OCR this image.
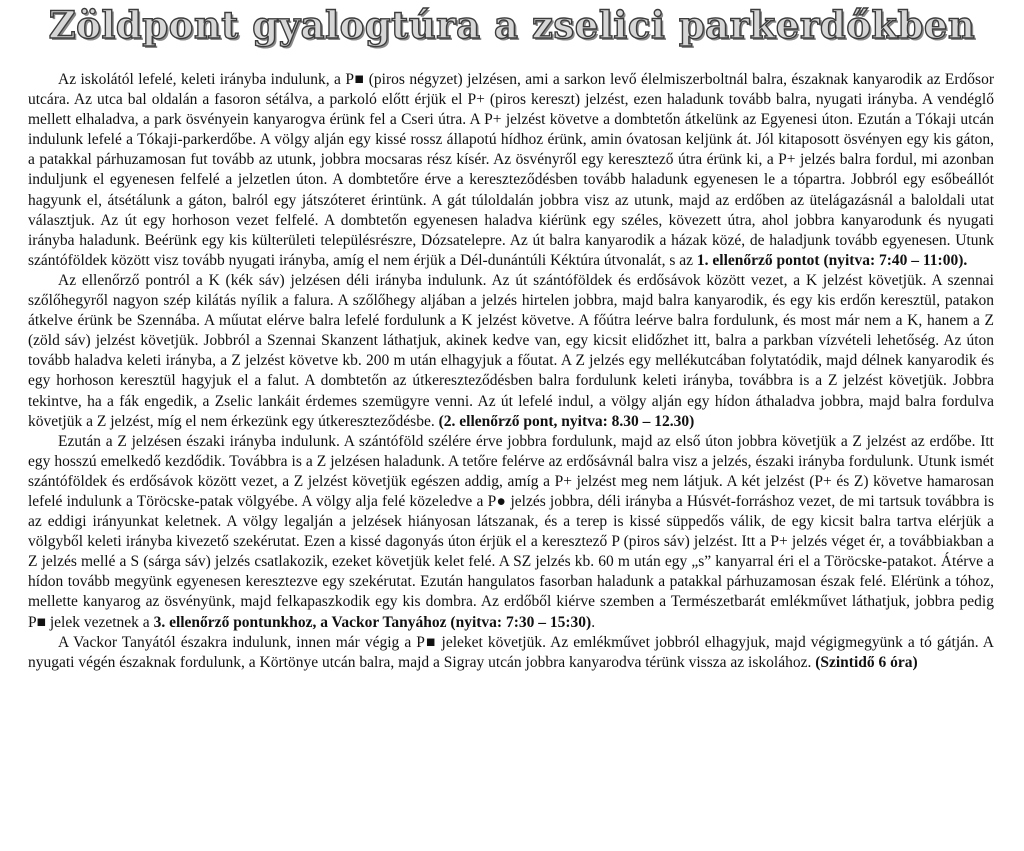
Zöldpont gyalogtúra a zselici parkerdőkben

Az iskolától lefelé, keleti irányba indulunk, a P■ (piros négyzet) jelzésen, ami a sarkon levő élelmiszerboltnál balra, északnak kanyarodik az Erdősor utcára. Az utca bal oldalán a fasoron sétálva, a parkoló előtt érjük el P+ (piros kereszt) jelzést, ezen haladunk tovább balra, nyugati irányba. A vendéglő mellett elhaladva, a park ösvényein kanyarogva érünk fel a Cseri útra. A P+ jelzést követve a dombtetőn átkelünk az Egyenesi úton. Ezután a Tókaji utcán indulunk lefelé a Tókaji-parkerdőbe. A völgy alján egy kissé rossz állapotú hídhoz érünk, amin óvatosan keljünk át. Jól kitaposott ösvényen egy kis gáton, a patakkal párhuzamosan fut tovább az utunk, jobbra mocsaras rész kísér. Az ösvényről egy keresztező útra érünk ki, a P+ jelzés balra fordul, mi azonban induljunk el egyenesen felfelé a jelzetlen úton. A dombtetőre érve a kereszteződésben tovább haladunk egyenesen le a tópartra. Jobbról egy esőbeállót hagyunk el, átsétálunk a gáton, balról egy játszóteret érintünk. A gát túloldalán jobbra visz az utunk, majd az erdőben az ütelágazásnál a baloldali utat választjuk. Az út egy horhoson vezet felfelé. A dombtetőn egyenesen haladva kiérünk egy széles, kövezett útra, ahol jobbra kanyarodunk és nyugati irányba haladunk. Beérünk egy kis külterületi településrészre, Dózsatelepre. Az út balra kanyarodik a házak közé, de haladjunk tovább egyenesen. Utunk szántóföldek között visz tovább nyugati irányba, amíg el nem érjük a Dél-dunántúli Kéktúra útvonalát, s az 1. ellenőrző pontot (nyitva: 7:40 – 11:00).

Az ellenőrző pontról a K (kék sáv) jelzésen déli irányba indulunk. Az út szántóföldek és erdősávok között vezet, a K jelzést követjük. A szennai szőlőhegyről nagyon szép kilátás nyílik a falura. A szőlőhegy aljában a jelzés hirtelen jobbra, majd balra kanyarodik, és egy kis erdőn keresztül, patakon átkelve érünk be Szennába. A műutat elérve balra lefelé fordulunk a K jelzést követve. A főútra leérve balra fordulunk, és most már nem a K, hanem a Z (zöld sáv) jelzést követjük. Jobbról a Szennai Skanzent láthatjuk, akinek kedve van, egy kicsit elidőzhet itt, balra a parkban vízvételi lehetőség. Az úton tovább haladva keleti irányba, a Z jelzést követve kb. 200 m után elhagyjuk a főutat. A Z jelzés egy mellékutcában folytatódik, majd délnek kanyarodik és egy horhoson keresztül hagyjuk el a falut. A dombtetőn az útkereszteződésben balra fordulunk keleti irányba, továbbra is a Z jelzést követjük. Jobbra tekintve, ha a fák engedik, a Zselic lankáit érdemes szemügyre venni. Az út lefelé indul, a völgy alján egy hídon áthaladva jobbra, majd balra fordulva követjük a Z jelzést, míg el nem érkezünk egy útkereszteződésbe. (2. ellenőrző pont, nyitva: 8.30 – 12.30)

Ezután a Z jelzésen északi irányba indulunk. A szántóföld szélére érve jobbra fordulunk, majd az első úton jobbra követjük a Z jelzést az erdőbe. Itt egy hosszú emelkedő kezdődik. Továbbra is a Z jelzésen haladunk. A tetőre felérve az erdősávnál balra visz a jelzés, északi irányba fordulunk. Utunk ismét szántóföldek és erdősávok között vezet, a Z jelzést követjük egészen addig, amíg a P+ jelzést meg nem látjuk. A két jelzést (P+ és Z) követve hamarosan lefelé indulunk a Töröcske-patak völgyébe. A völgy alja felé közeledve a P● jelzés jobbra, déli irányba a Húsvét-forráshoz vezet, de mi tartsuk továbbra is az eddigi irányunkat keletnek. A völgy legalján a jelzések hiányosan látszanak, és a terep is kissé süppedős válik, de egy kicsit balra tartva elérjük a völgyből keleti irányba kivezető szekérutat. Ezen a kissé dagonyás úton érjük el a keresztező P (piros sáv) jelzést. Itt a P+ jelzés véget ér, a továbbiakban a Z jelzés mellé a S (sárga sáv) jelzés csatlakozik, ezeket követjük kelet felé. A SZ jelzés kb. 60 m után egy „s” kanyarral éri el a Töröcske-patakot. Átérve a hídon tovább megyünk egyenesen keresztezve egy szekérutat. Ezután hangulatos fasorban haladunk a patakkal párhuzamosan észak felé. Elérünk a tóhoz, mellette kanyarog az ösvényünk, majd felkapaszkodik egy kis dombra. Az erdőből kiérve szemben a Természetbarát emlékművet láthatjuk, jobbra pedig P■ jelek vezetnek a 3. ellenőrző pontunkhoz, a Vackor Tanyához (nyitva: 7:30 – 15:30).

A Vackor Tanyától északra indulunk, innen már végig a P■ jeleket követjük. Az emlékművet jobbról elhagyjuk, majd végigmegyünk a tó gátján. A nyugati végén északnak fordulunk, a Körtönye utcán balra, majd a Sigray utcán jobbra kanyarodva térünk vissza az iskolához. (Szintidő 6 óra)
